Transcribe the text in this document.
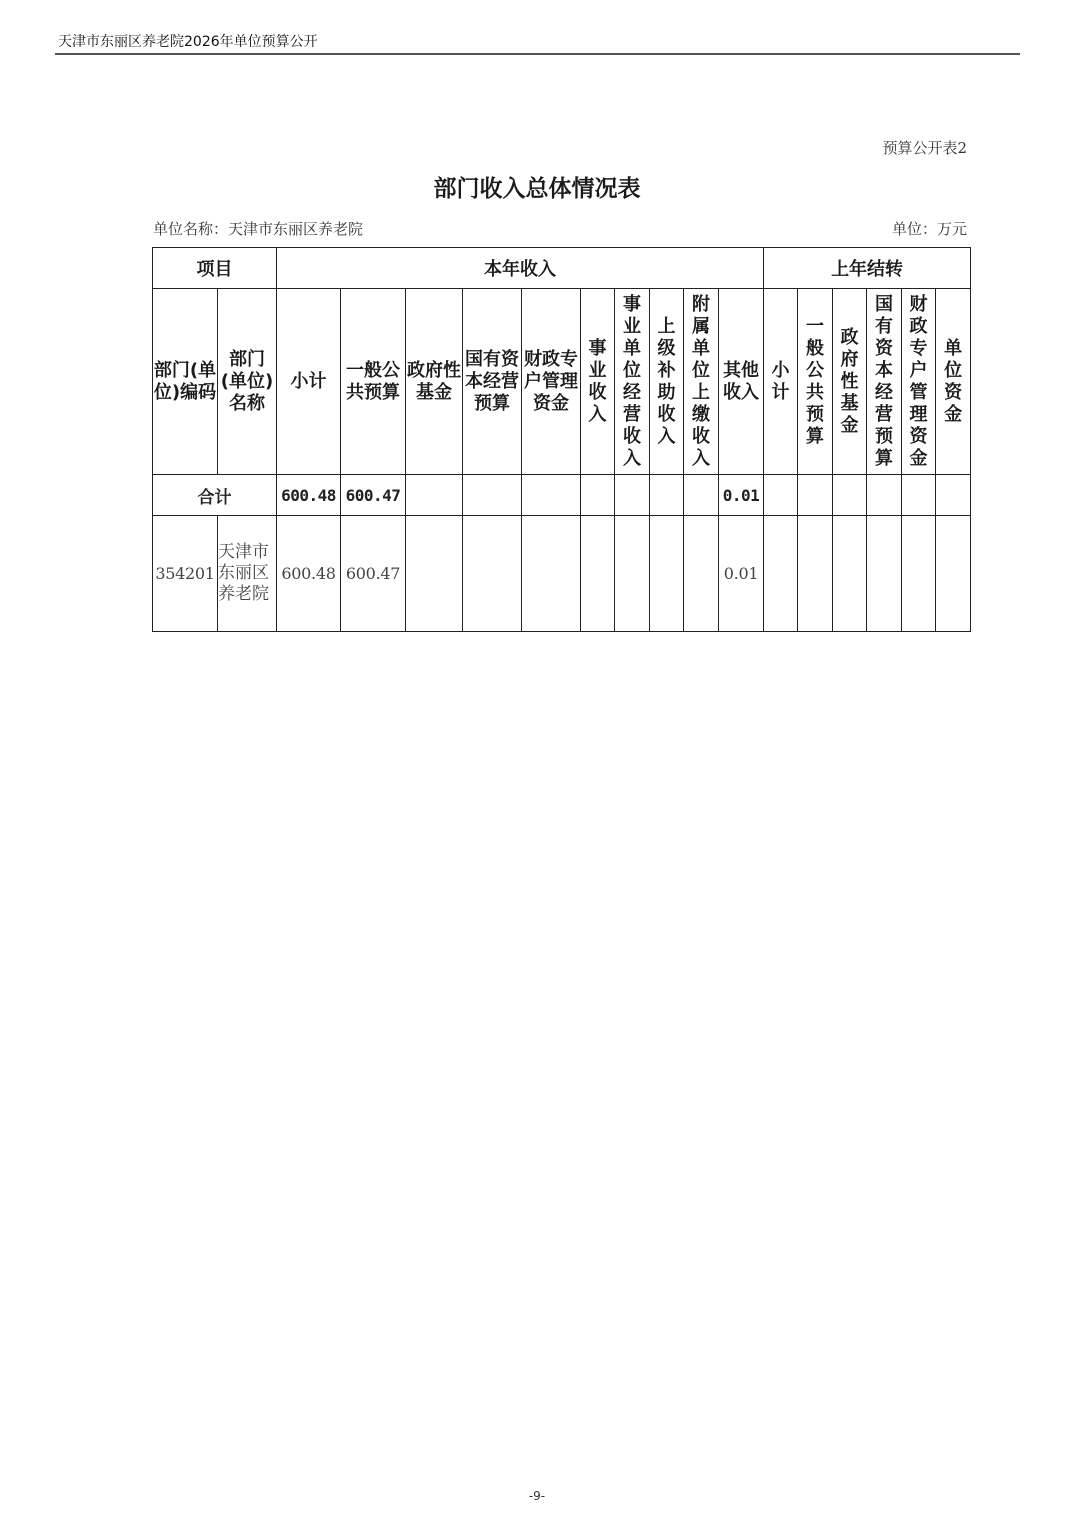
天津市东丽区养老院2026年单位预算公开
预算公开表2
部门收入总体情况表
单位名称：天津市东丽区养老院	单位：万元
项目		本年收入										上年结转					
部门(单位)编码	部门(单位)名称	小计	一般公共预算	政府性基金	国有资本经营预算	财政专户管理资金	事业收入	事业单位经营收入	上级补助收入	附属单位上缴收入	其他收入	小计	一般公共预算	政府性基金	国有资本经营预算	财政专户管理资金	单位资金
合计		600.48	600.47								0.01						
354201	天津市东丽区养老院	600.48	600.47								0.01						
-9-
